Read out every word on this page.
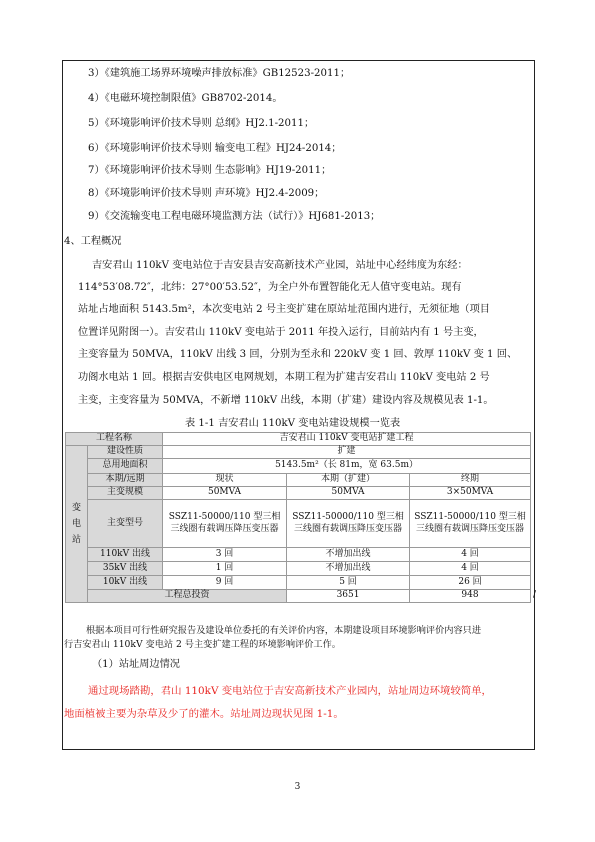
3）《建筑施工场界环境噪声排放标准》GB12523-2011；
4）《电磁环境控制限值》GB8702-2014。
5）《环境影响评价技术导则 总纲》HJ2.1-2011；
6）《环境影响评价技术导则 输变电工程》HJ24-2014；
7）《环境影响评价技术导则 生态影响》HJ19-2011；
8）《环境影响评价技术导则 声环境》HJ2.4-2009；
9）《交流输变电工程电磁环境监测方法（试行）》HJ681-2013；
4、工程概况
吉安君山 110kV 变电站位于吉安县吉安高新技术产业园，站址中心经纬度为东经：
114°53′08.72″，北纬：27°00′53.52″，为全户外布置智能化无人值守变电站。现有
站址占地面积 5143.5m²，本次变电站 2 号主变扩建在原站址范围内进行，无须征地（项目
位置详见附图一）。吉安君山 110kV 变电站于 2011 年投入运行，目前站内有 1 号主变，
主变容量为 50MVA，110kV 出线 3 回，分别为至永和 220kV 变 1 回、敦厚 110kV 变 1 回、
功阁水电站 1 回。根据吉安供电区电网规划，本期工程为扩建吉安君山 110kV 变电站 2 号
主变，主变容量为 50MVA，不新增 110kV 出线，本期（扩建）建设内容及规模见表 1-1。
表 1-1 吉安君山 110kV 变电站建设规模一览表
工程名称		吉安君山 110kV 变电站扩建工程			
变电站	建设性质	扩建			
	总用地面积	5143.5m²（长 81m，宽 63.5m）			
	本期/远期	现状	本期（扩建）	终期	
	主变规模	50MVA	50MVA	3×50MVA	
	主变型号	SSZ11-50000/110 型三相三线圈有载调压降压变压器	SSZ11-50000/110 型三相三线圈有载调压降压变压器	SSZ11-50000/110 型三相三线圈有载调压降压变压器	
	110kV 出线	3 回	不增加出线	4 回	
	35kV 出线	1 回	不增加出线	4 回	
	10kV 出线	9 回	5 回	26 回	
	工程总投资		3651	948	/
根据本项目可行性研究报告及建设单位委托的有关评价内容，本期建设项目环境影响评价内容只进
行吉安君山 110kV 变电站 2 号主变扩建工程的环境影响评价工作。
（1）站址周边情况
通过现场踏勘，君山 110kV 变电站位于吉安高新技术产业园内，站址周边环境较简单，
地面植被主要为杂草及少了的灌木。站址周边现状见图 1-1。
3
